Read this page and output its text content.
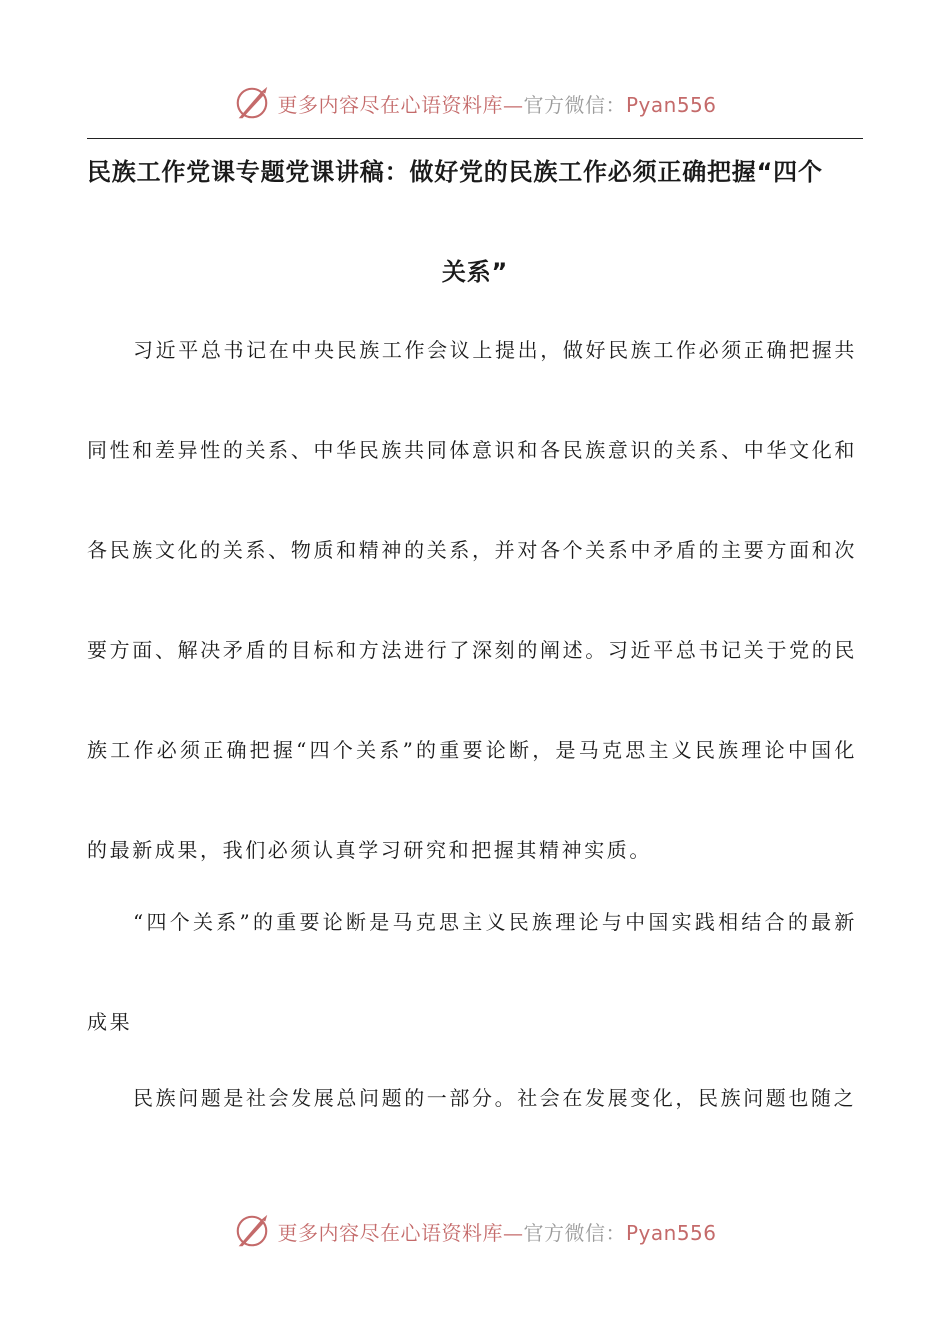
更多内容尽在心语资料库—官方微信：Pyan556
民族工作党课专题党课讲稿：做好党的民族工作必须正确把握“四个
关系”

习近平总书记在中央民族工作会议上提出，做好民族工作必须正确把握共同性和差异性的关系、中华民族共同体意识和各民族意识的关系、中华文化和各民族文化的关系、物质和精神的关系，并对各个关系中矛盾的主要方面和次要方面、解决矛盾的目标和方法进行了深刻的阐述。习近平总书记关于党的民族工作必须正确把握“四个关系”的重要论断，是马克思主义民族理论中国化的最新成果，我们必须认真学习研究和把握其精神实质。

“四个关系”的重要论断是马克思主义民族理论与中国实践相结合的最新成果

民族问题是社会发展总问题的一部分。社会在发展变化，民族问题也随之

更多内容尽在心语资料库—官方微信：Pyan556
